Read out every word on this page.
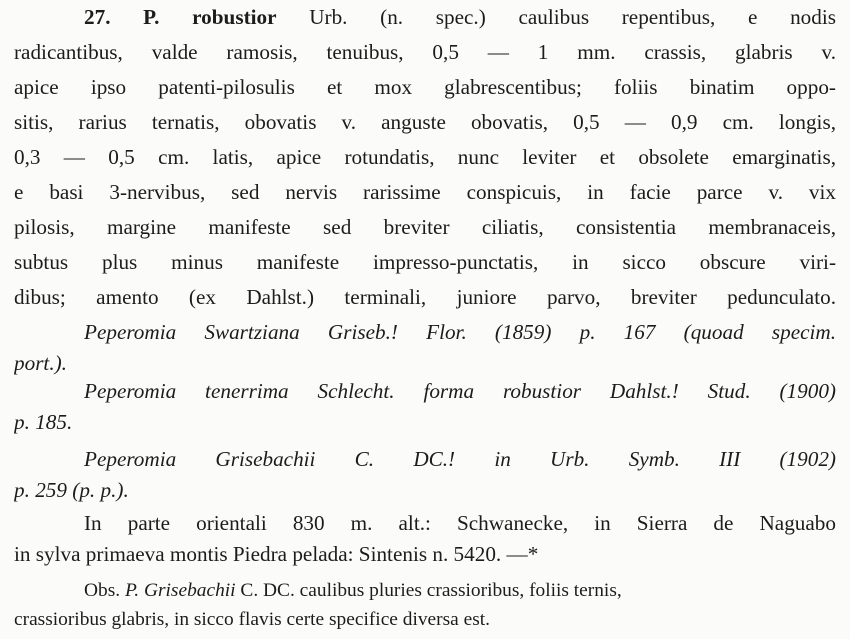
27. P. robustior Urb. (n. spec.) caulibus repentibus, e nodis
radicantibus, valde ramosis, tenuibus, 0,5 — 1 mm. crassis, glabris v.
apice ipso patenti-pilosulis et mox glabrescentibus; foliis binatim oppo-
sitis, rarius ternatis, obovatis v. anguste obovatis, 0,5 — 0,9 cm. longis,
0,3 — 0,5 cm. latis, apice rotundatis, nunc leviter et obsolete emarginatis,
e basi 3-nervibus, sed nervis rarissime conspicuis, in facie parce v. vix
pilosis, margine manifeste sed breviter ciliatis, consistentia membranaceis,
subtus plus minus manifeste impresso-punctatis, in sicco obscure viri-
dibus; amento (ex Dahlst.) terminali, juniore parvo, breviter pedunculato.
Peperomia Swartziana Griseb.! Flor. (1859) p. 167 (quoad specim.
port.).
Peperomia tenerrima Schlecht. forma robustior Dahlst.! Stud. (1900)
p. 185.
Peperomia Grisebachii C. DC.! in Urb. Symb. III (1902)
p. 259 (p. p.).
In parte orientali 830 m. alt.: Schwanecke, in Sierra de Naguabo
in sylva primaeva montis Piedra pelada: Sintenis n. 5420. —*
Obs. P. Grisebachii C. DC. caulibus pluries crassioribus, foliis ternis,
crassioribus glabris, in sicco flavis certe specifice diversa est.
